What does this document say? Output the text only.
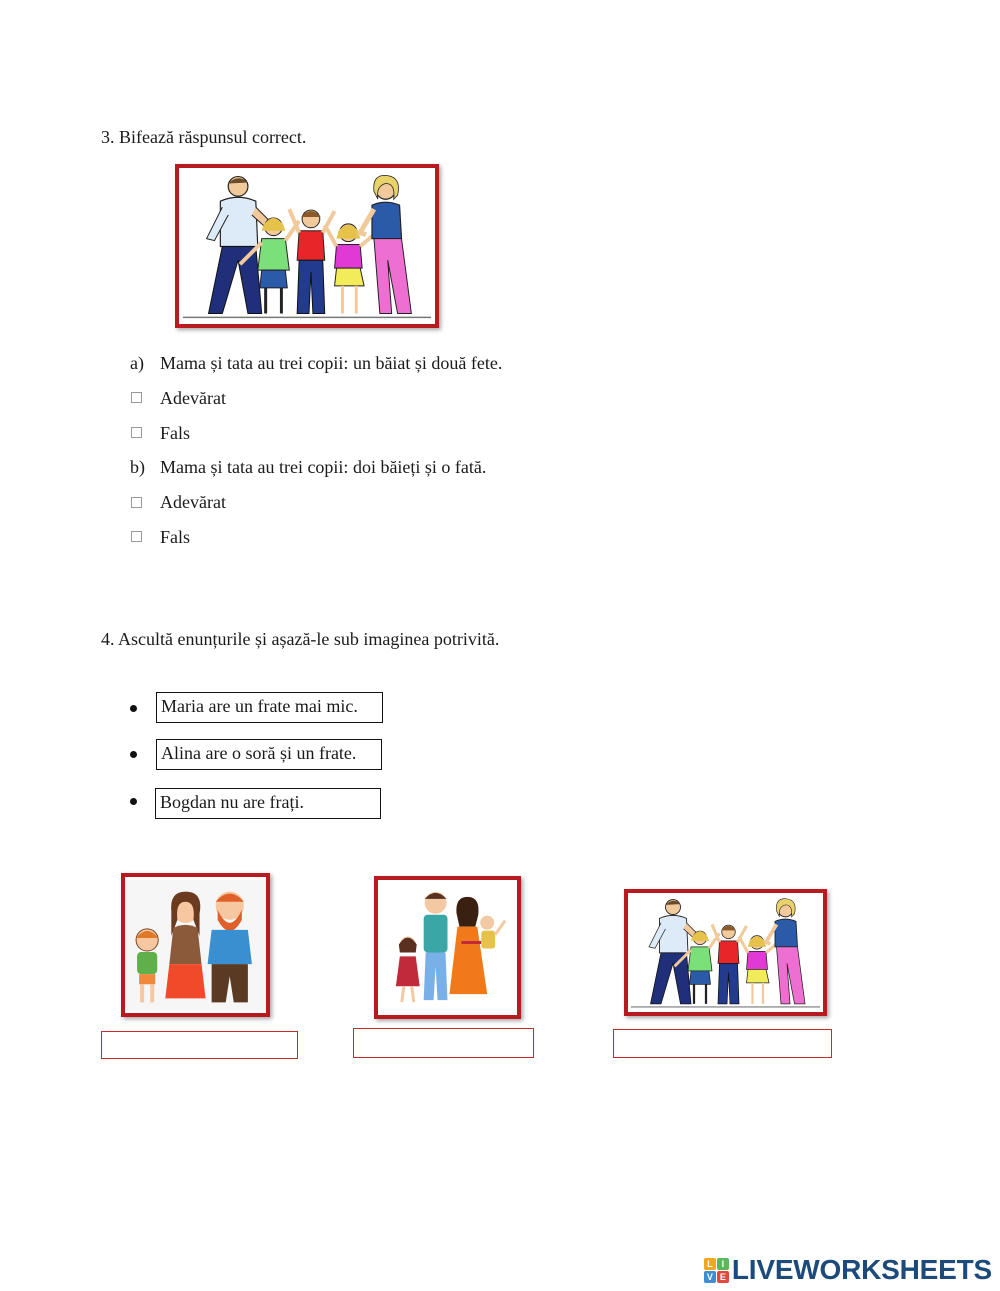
3. Bifează răspunsul correct.
a) Mama și tata au trei copii: un băiat și două fete.
Adevărat
Fals
b) Mama și tata au trei copii: doi băieți și o fată.
Adevărat
Fals
4. Ascultă enunțurile și așază-le sub imaginea potrivită.
Maria are un frate mai mic.
Alina are o soră și un frate.
Bogdan nu are frați.
L I
V E LIVEWORKSHEETS
